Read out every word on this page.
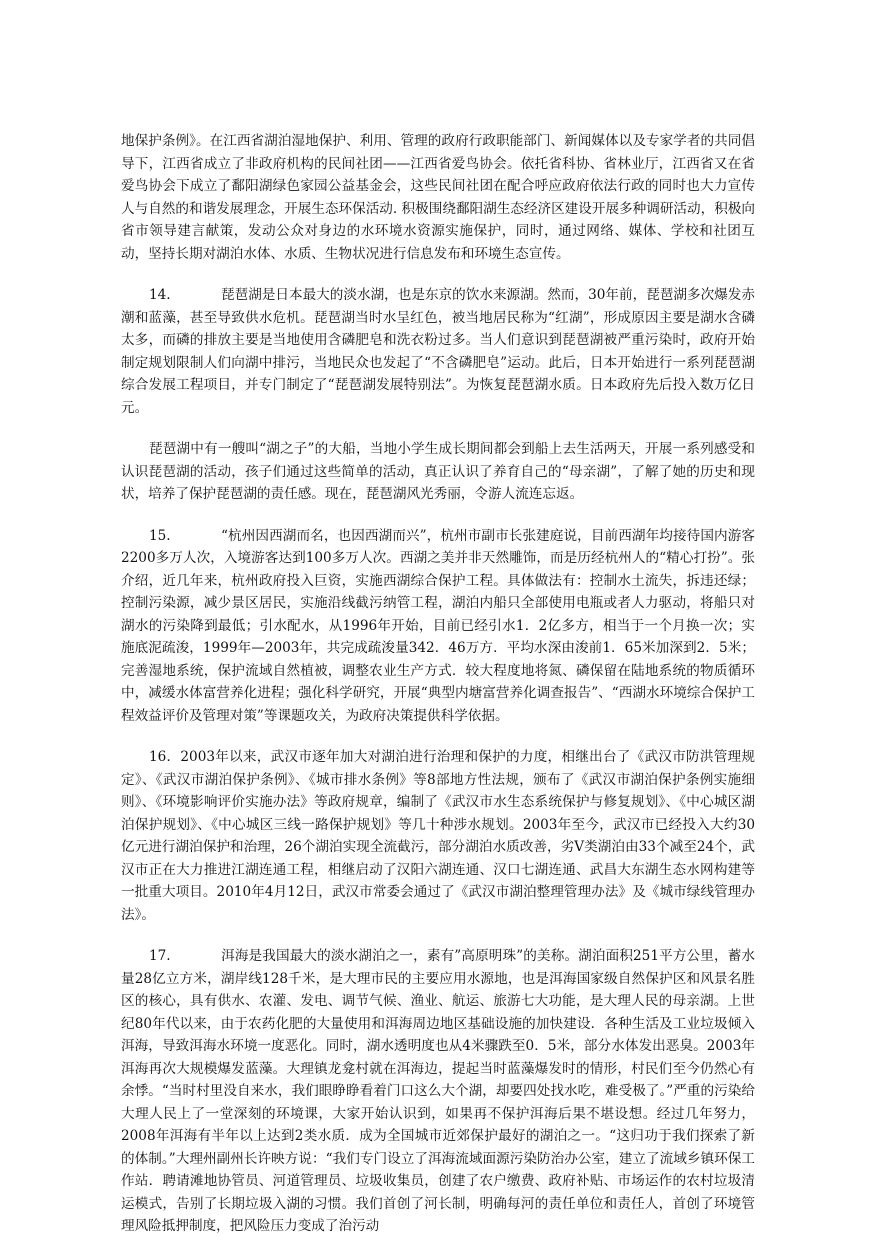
地保护条例》。在江西省湖泊湿地保护、利用、管理的政府行政职能部门、新闻媒体以及专家学者的共同倡导下，江西省成立了非政府机构的民间社团——江西省爱鸟协会。依托省科协、省林业厅，江西省又在省爱鸟协会下成立了鄱阳湖绿色家园公益基金会，这些民间社团在配合呼应政府依法行政的同时也大力宣传人与自然的和谐发展理念，开展生态环保活动. 积极围绕鄱阳湖生态经济区建设开展多种调研活动，积极向省市领导建言献策，发动公众对身边的水环境水资源实施保护，同时，通过网络、媒体、学校和社团互动，坚持长期对湖泊水体、水质、生物状况进行信息发布和环境生态宣传。

14.	琵琶湖是日本最大的淡水湖，也是东京的饮水来源湖。然而，30年前，琵琶湖多次爆发赤潮和蓝藻，甚至导致供水危机。琵琶湖当时水呈红色，被当地居民称为“红湖”，形成原因主要是湖水含磷太多，而磷的排放主要是当地使用含磷肥皂和洗衣粉过多。当人们意识到琵琶湖被严重污染时，政府开始制定规划限制人们向湖中排污，当地民众也发起了“不含磷肥皂”运动。此后，日本开始进行一系列琵琶湖综合发展工程项目，并专门制定了“琵琶湖发展特别法”。为恢复琵琶湖水质。日本政府先后投入数万亿日元。

琵琶湖中有一艘叫“湖之子”的大船，当地小学生成长期间都会到船上去生活两天，开展一系列感受和认识琵琶湖的活动，孩子们通过这些简单的活动，真正认识了养育自己的“母亲湖”，了解了她的历史和现状，培养了保护琵琶湖的责任感。现在，琵琶湖风光秀丽，令游人流连忘返。

15.	“杭州因西湖而名，也因西湖而兴”，杭州市副市长张建庭说，目前西湖年均接待国内游客2200多万人次，入境游客达到100多万人次。西湖之美并非天然雕饰，而是历经杭州人的“精心打扮”。张介绍，近几年来，杭州政府投入巨资，实施西湖综合保护工程。具体做法有：控制水土流失，拆违还绿；控制污染源，减少景区居民，实施沿线截污纳管工程，湖泊内船只全部使用电瓶或者人力驱动，将船只对湖水的污染降到最低；引水配水，从1996年开始，目前已经引水1．2亿多方，相当于一个月换一次；实施底泥疏浚，1999年—2003年，共完成疏浚量342．46万方．平均水深由浚前1．65米加深到2．5米；完善湿地系统，保护流域自然植被，调整农业生产方式．较大程度地将氮、磷保留在陆地系统的物质循环中，减缓水体富营养化进程；强化科学研究，开展“典型内塘富营养化调查报告”、“西湖水环境综合保护工程效益评价及管理对策”等课题攻关，为政府决策提供科学依据。

16．2003年以来，武汉市逐年加大对湖泊进行治理和保护的力度，相继出台了《武汉市防洪管理规定》、《武汉市湖泊保护条例》、《城市排水条例》等8部地方性法规，颁布了《武汉市湖泊保护条例实施细则》、《环境影响评价实施办法》等政府规章，编制了《武汉市水生态系统保护与修复规划》、《中心城区湖泊保护规划》、《中心城区三线一路保护规划》等几十种涉水规划。2003年至今，武汉市已经投入大约30亿元进行湖泊保护和治理，26个湖泊实现全流截污，部分湖泊水质改善，劣V类湖泊由33个减至24个，武汉市正在大力推进江湖连通工程，相继启动了汉阳六湖连通、汉口七湖连通、武昌大东湖生态水网构建等一批重大项目。2010年4月12日，武汉市常委会通过了《武汉市湖泊整理管理办法》及《城市绿线管理办法》。

17.	洱海是我国最大的淡水湖泊之一，素有”高原明珠”的美称。湖泊面积251平方公里，蓄水量28亿立方米，湖岸线128千米，是大理市民的主要应用水源地，也是洱海国家级自然保护区和风景名胜区的核心，具有供水、农灌、发电、调节气候、渔业、航运、旅游七大功能，是大理人民的母亲湖。上世纪80年代以来，由于农药化肥的大量使用和洱海周边地区基础设施的加快建设．各种生活及工业垃圾倾入洱海，导致洱海水环境一度恶化。同时，湖水透明度也从4米骤跌至0．5米，部分水体发出恶臭。2003年洱海再次大规模爆发蓝藻。大理镇龙龛村就在洱海边，提起当时蓝藻爆发时的情形，村民们至今仍然心有余悸。“当时村里没自来水，我们眼睁睁看着门口这么大个湖，却要四处找水吃，难受极了。”严重的污染给大理人民上了一堂深刻的环境课，大家开始认识到，如果再不保护洱海后果不堪设想。经过几年努力，2008年洱海有半年以上达到2类水质．成为全国城市近郊保护最好的湖泊之一。“这归功于我们探索了新的体制。”大理州副州长许映方说：“我们专门设立了洱海流域面源污染防治办公室，建立了流域乡镇环保工作站．聘请滩地协管员、河道管理员、垃圾收集员，创建了农户缴费、政府补贴、市场运作的农村垃圾清运模式，告别了长期垃圾入湖的习惯。我们首创了河长制，明确每河的责任单位和责任人，首创了环境管理风险抵押制度，把风险压力变成了治污动
